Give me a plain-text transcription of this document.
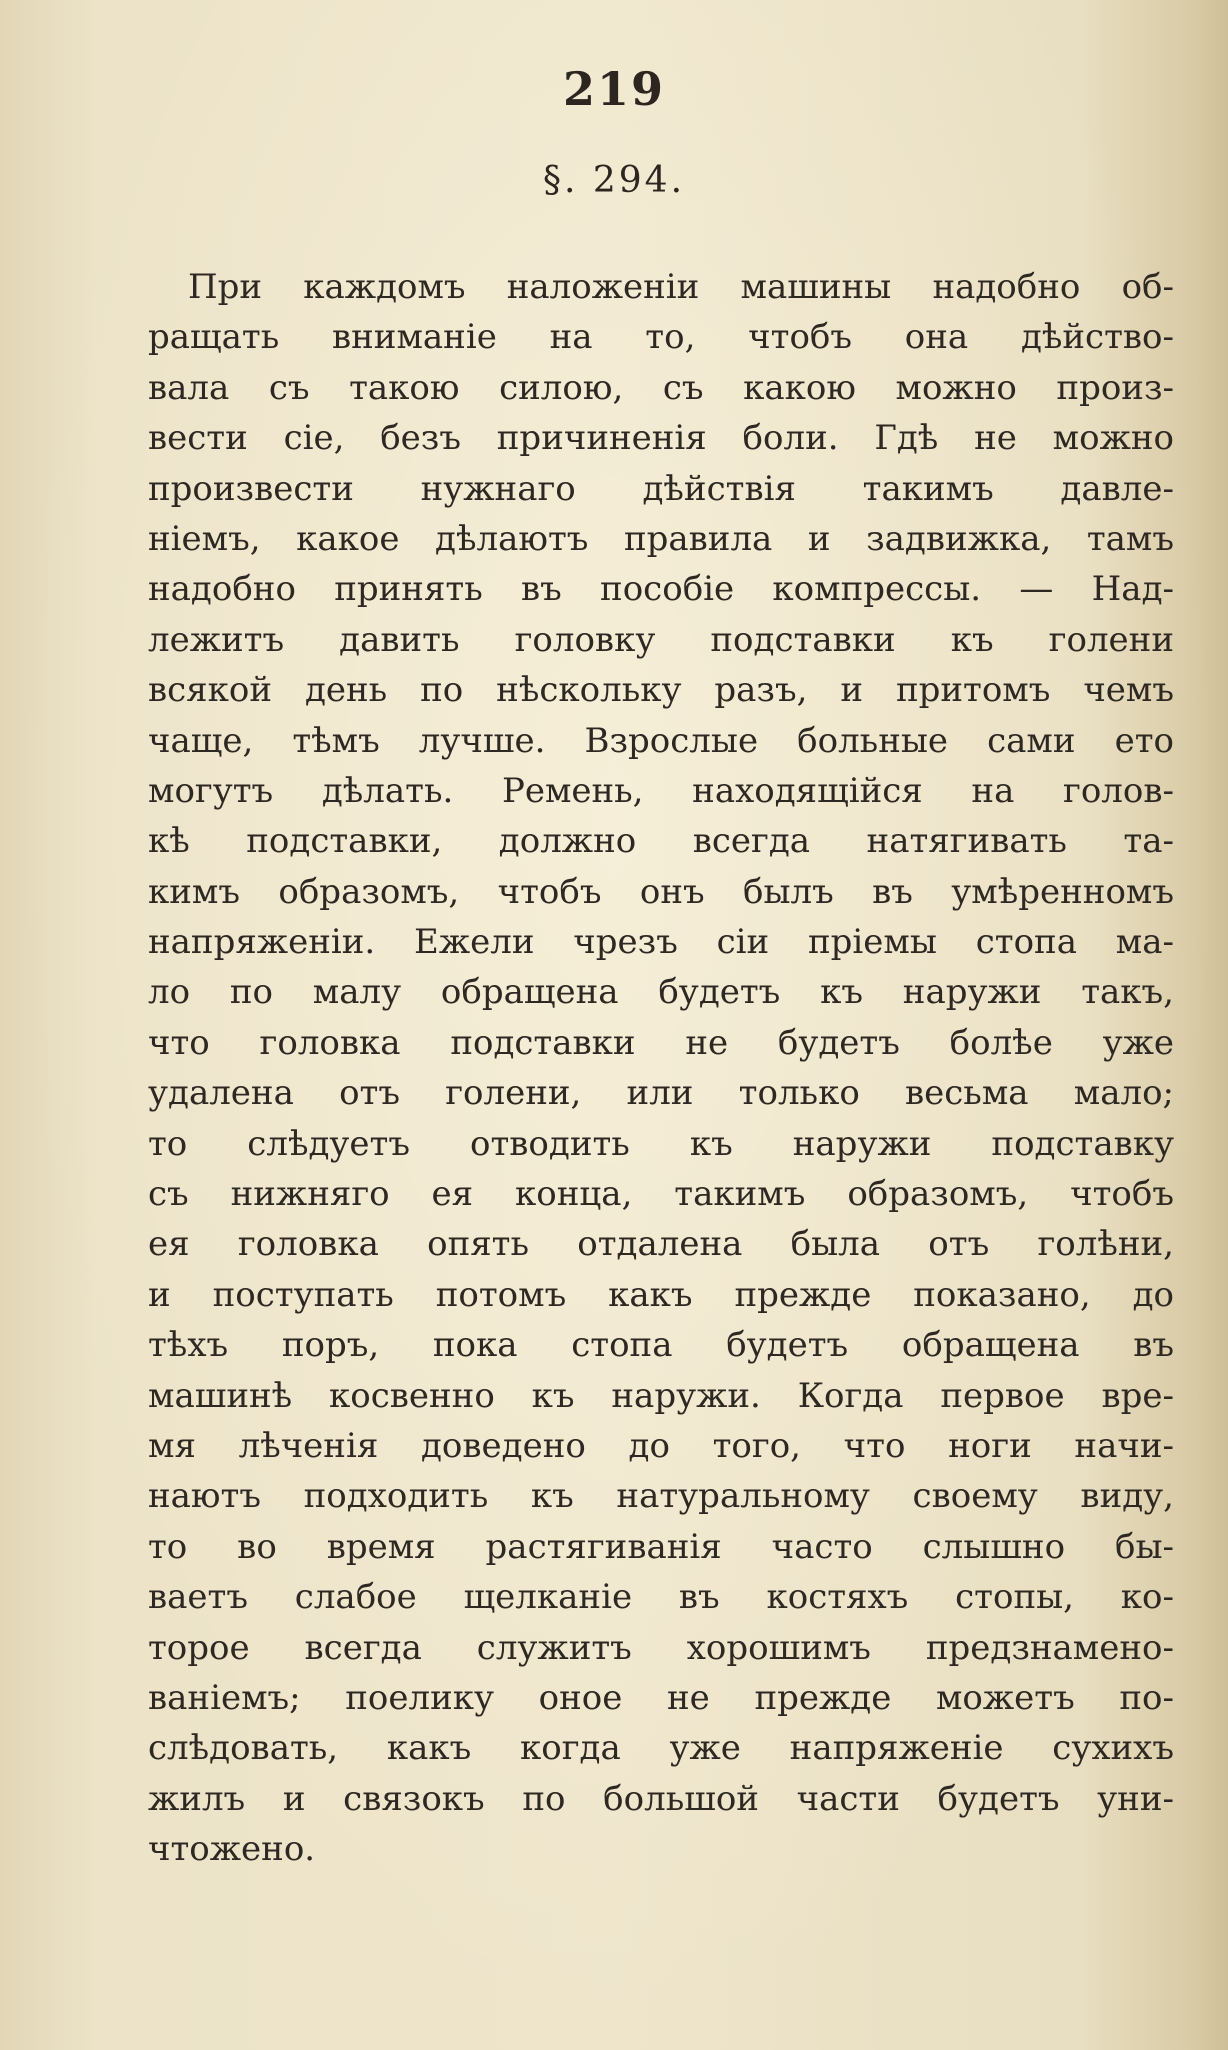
219
§. 294.
При каждомъ наложенiи машины надобно об-
ращать вниманiе на то, чтобъ она дѣйство-
вала съ такою силою, съ какою можно произ-
вести сiе, безъ причиненiя боли. Гдѣ не можно
произвести нужнаго дѣйствiя такимъ давле-
нiемъ, какое дѣлаютъ правила и задвижка, тамъ
надобно принять въ пособiе компрессы. — Над-
лежитъ давить головку подставки къ голени
всякой день по нѣскольку разъ, и притомъ чемъ
чаще, тѣмъ лучше. Взрослые больные сами ето
могутъ дѣлать. Ремень, находящiйся на голов-
кѣ подставки, должно всегда натягивать та-
кимъ образомъ, чтобъ онъ былъ въ умѣренномъ
напряженiи. Ежели чрезъ сiи прiемы стопа ма-
ло по малу обращена будетъ къ наружи такъ,
что головка подставки не будетъ болѣе уже
удалена отъ голени, или только весьма мало;
то слѣдуетъ отводить къ наружи подставку
съ нижняго ея конца, такимъ образомъ, чтобъ
ея головка опять отдалена была отъ голѣни,
и поступать потомъ какъ прежде показано, до
тѣхъ поръ, пока стопа будетъ обращена въ
машинѣ косвенно къ наружи. Когда первое вре-
мя лѣченiя доведено до того, что ноги начи-
наютъ подходить къ натуральному своему виду,
то во время растягиванiя часто слышно бы-
ваетъ слабое щелканiе въ костяхъ стопы, ко-
торое всегда служитъ хорошимъ предзнамено-
ванiемъ; поелику оное не прежде можетъ по-
слѣдовать, какъ когда уже напряженiе сухихъ
жилъ и связокъ по большой части будетъ уни-
чтожено.
